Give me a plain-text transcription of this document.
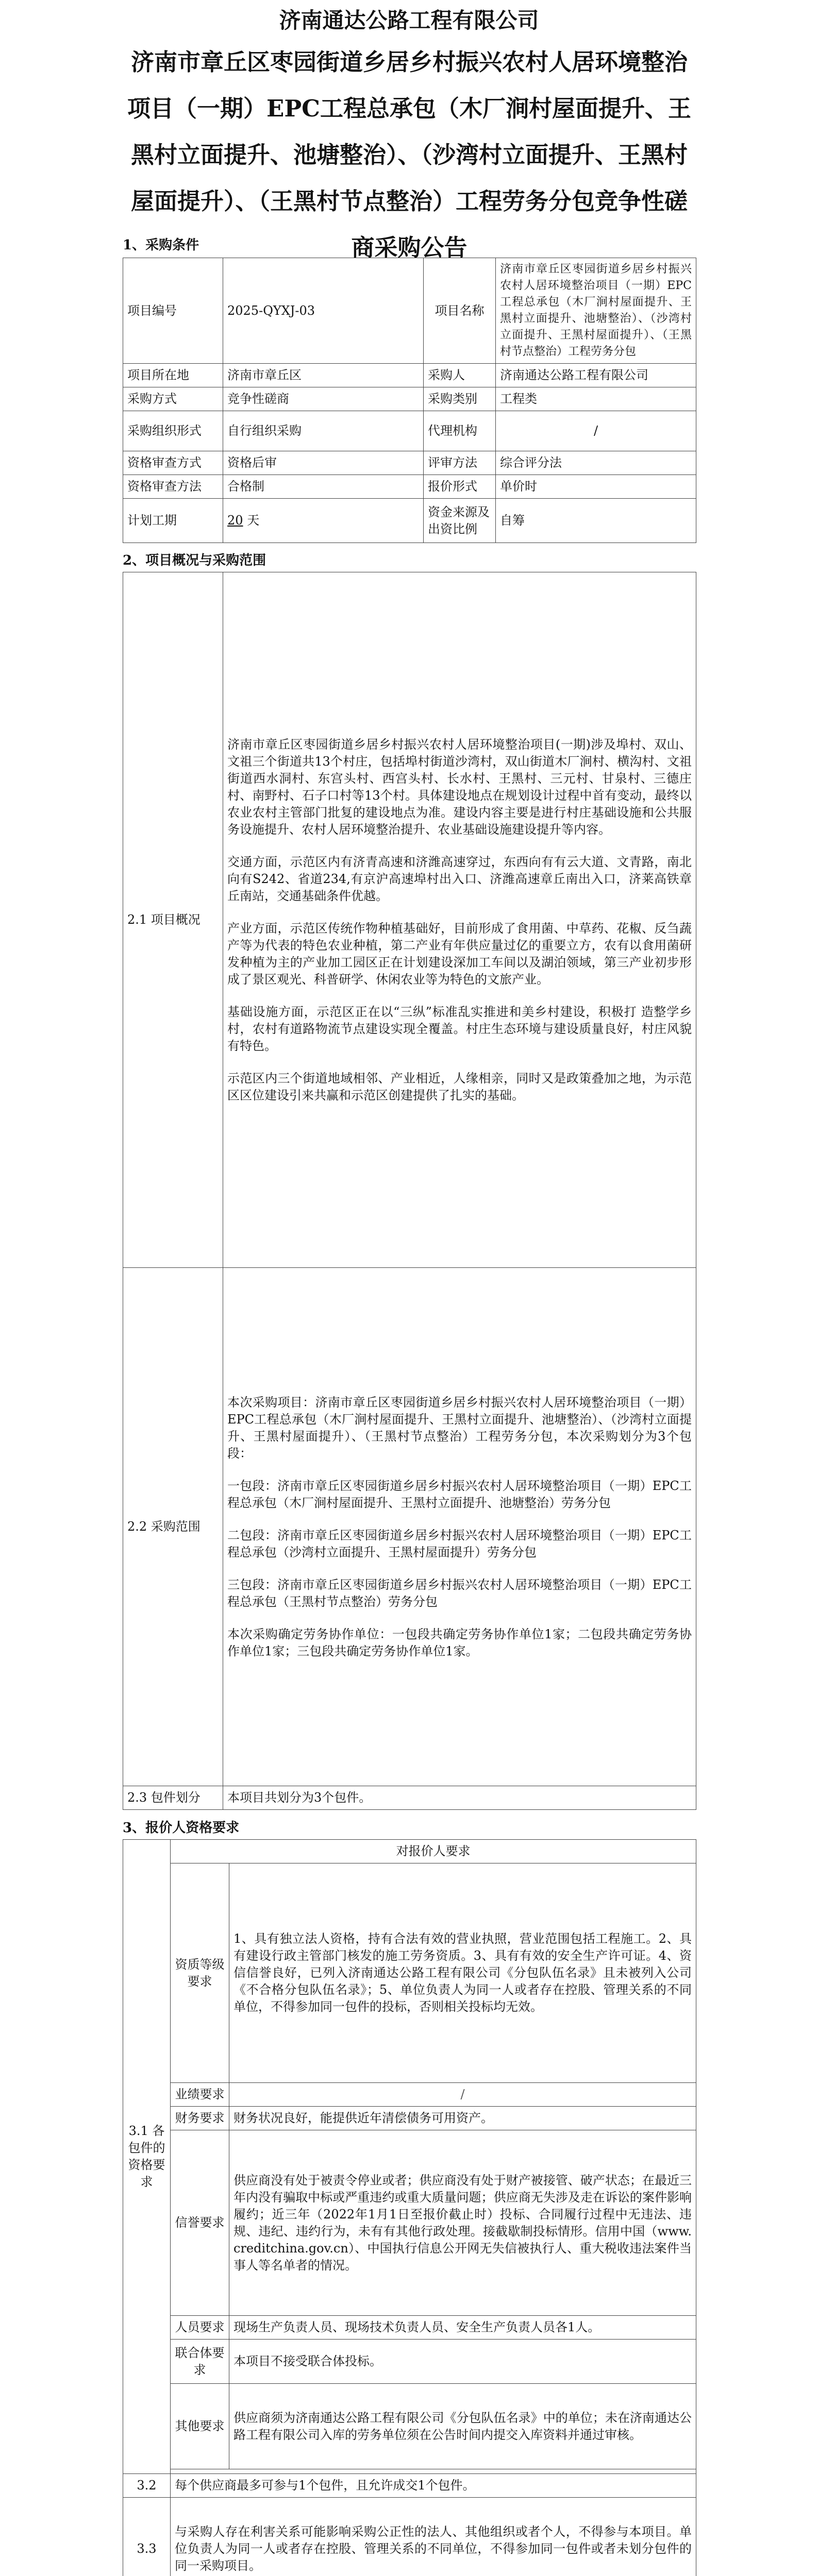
济南通达公路工程有限公司
济南市章丘区枣园街道乡居乡村振兴农村人居环境整治项目（一期）EPC工程总承包（木厂涧村屋面提升、王黑村立面提升、池塘整治）、（沙湾村立面提升、王黑村屋面提升）、（王黑村节点整治）工程劳务分包竞争性磋商采购公告
1、采购条件
项目编号	2025-QYXJ-03	项目名称	济南市章丘区枣园街道乡居乡村振兴农村人居环境整治项目（一期）EPC工程总承包（木厂涧村屋面提升、王黑村立面提升、池塘整治）、（沙湾村立面提升、王黑村屋面提升）、（王黑村节点整治）工程劳务分包
项目所在地	济南市章丘区	采购人	济南通达公路工程有限公司
采购方式	竞争性磋商	采购类别	工程类
采购组织形式	自行组织采购	代理机构	/
资格审查方式	资格后审	评审方法	综合评分法
资格审查方法	合格制	报价形式	单价时
计划工期	20 天	资金来源及出资比例	自筹
2、项目概况与采购范围
2.1 项目概况	济南市章丘区枣园街道乡居乡村振兴农村人居环境整治项目(一期)涉及埠村、双山、文祖三个街道共13个村庄，包括埠村街道沙湾村，双山街道木厂涧村、横沟村、文祖街道西水洞村、东宫头村、西宫头村、长水村、王黑村、三元村、甘泉村、三德庄村、南野村、石子口村等13个村。具体建设地点在规划设计过程中首有变动，最终以农业农村主管部门批复的建设地点为准。建设内容主要是进行村庄基础设施和公共服务设施提升、农村人居环境整治提升、农业基础设施建设提升等内容。

交通方面，示范区内有济青高速和济潍高速穿过，东西向有有云大道、文青路，南北向有S242、省道234,有京沪高速埠村出入口、济潍高速章丘南出入口，济莱高铁章丘南站，交通基础条件优越。

产业方面，示范区传统作物种植基础好，目前形成了食用菌、中草药、花椒、反刍蔬产等为代表的特色农业种植，第二产业有年供应量过亿的重要立方，农有以食用菌研发种植为主的产业加工园区正在计划建设深加工车间以及湖泊领域，第三产业初步形成了景区观光、科普研学、休闲农业等为特色的文旅产业。

基础设施方面，示范区正在以“三纵”标准乱实推进和美乡村建设，积极打 造整学乡村，农村有道路物流节点建设实现全覆盖。村庄生态环境与建设质量良好，村庄风貌有特色。

示范区内三个街道地域相邻、产业相近，人缘相亲，同时又是政策叠加之地，为示范区区位建设引来共赢和示范区创建提供了扎实的基础。

2.2 采购范围	本次采购项目：济南市章丘区枣园街道乡居乡村振兴农村人居环境整治项目（一期）EPC工程总承包（木厂涧村屋面提升、王黑村立面提升、池塘整治）、（沙湾村立面提升、王黑村屋面提升）、（王黑村节点整治）工程劳务分包，本次采购划分为3个包段：

一包段：济南市章丘区枣园街道乡居乡村振兴农村人居环境整治项目（一期）EPC工程总承包（木厂涧村屋面提升、王黑村立面提升、池塘整治）劳务分包

二包段：济南市章丘区枣园街道乡居乡村振兴农村人居环境整治项目（一期）EPC工程总承包（沙湾村立面提升、王黑村屋面提升）劳务分包

三包段：济南市章丘区枣园街道乡居乡村振兴农村人居环境整治项目（一期）EPC工程总承包（王黑村节点整治）劳务分包

本次采购确定劳务协作单位：一包段共确定劳务协作单位1家；二包段共确定劳务协作单位1家；三包段共确定劳务协作单位1家。

2.3 包件划分	本项目共划分为3个包件。
3、报价人资格要求
3.1 各包件的资格要求	对报价人要求	
	资质等级要求	1、具有独立法人资格，持有合法有效的营业执照，营业范围包括工程施工。2、具有建设行政主管部门核发的施工劳务资质。3、具有有效的安全生产许可证。4、资信信誉良好，已列入济南通达公路工程有限公司《分包队伍名录》且未被列入公司《不合格分包队伍名录》；5、单位负责人为同一人或者存在控股、管理关系的不同单位，不得参加同一包件的投标，否则相关投标均无效。
	业绩要求	/
	财务要求	财务状况良好，能提供近年清偿债务可用资产。
	信誉要求	供应商没有处于被责令停业或者；供应商没有处于财产被接管、破产状态；在最近三年内没有骗取中标或严重违约或重大质量问题；供应商无失涉及走在诉讼的案件影响履约；近三年（2022年1月1日至报价截止时）投标、合同履行过程中无违法、违规、违纪、违约行为，未有有其他行政处理。接截歇制投标情形。信用中国（www.creditchina.gov.cn）、中国执行信息公开网无失信被执行人、重大税收违法案件当事人等名单者的情况。
	人员要求	现场生产负责人员、现场技术负责人员、安全生产负责人员各1人。
	联合体要求	本项目不接受联合体投标。
	其他要求	供应商须为济南通达公路工程有限公司《分包队伍名录》中的单位；未在济南通达公路工程有限公司入库的劳务单位须在公告时间内提交入库资料并通过审核。

3.2	每个供应商最多可参与1个包件，且允许成交1个包件。	
3.3	与采购人存在利害关系可能影响采购公正性的法人、其他组织或者个人，不得参与本项目。单位负责人为同一人或者存在控股、管理关系的不同单位，不得参加同一包件或者未划分包件的同一采购项目。	
